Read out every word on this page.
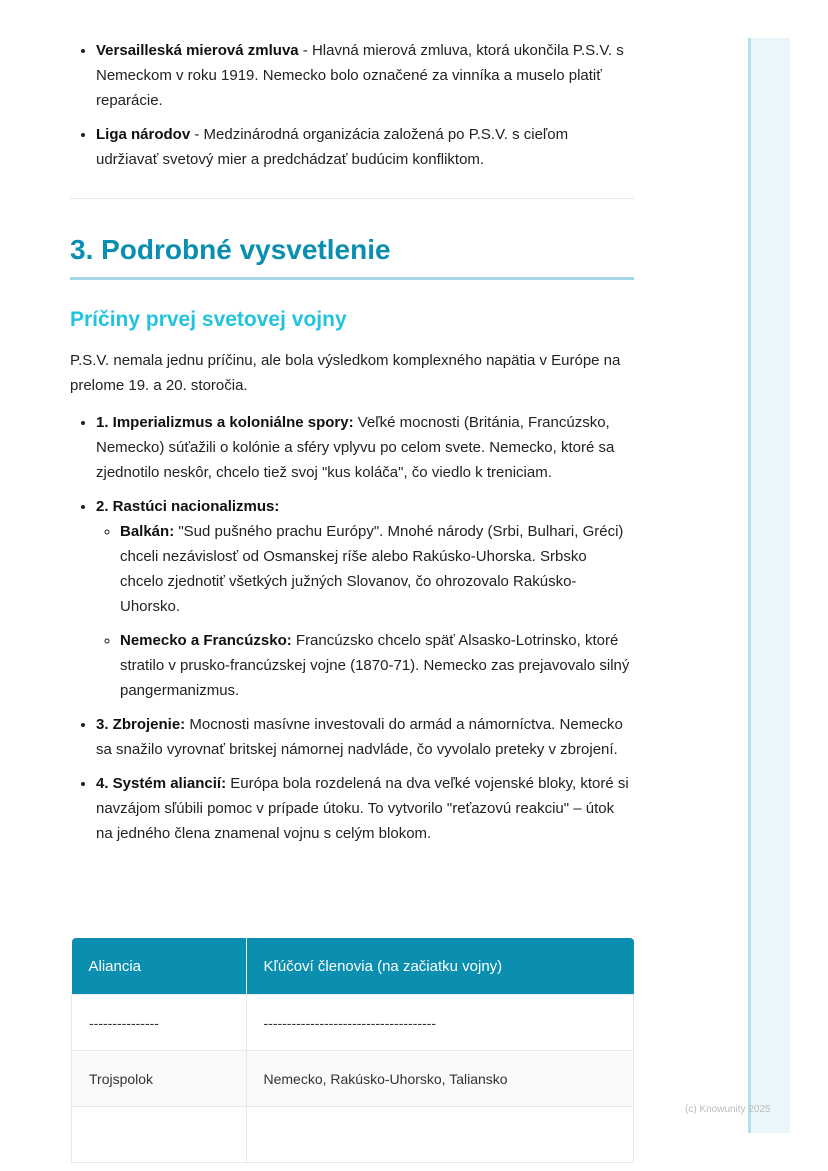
• Versailleská mierová zmluva - Hlavná mierová zmluva, ktorá ukončila P.S.V. s Nemeckom v roku 1919. Nemecko bolo označené za vinníka a muselo platiť reparácie.
• Liga národov - Medzinárodná organizácia založená po P.S.V. s cieľom udržiavať svetový mier a predchádzať budúcim konfliktom.
3. Podrobné vysvetlenie
Príčiny prvej svetovej vojny

P.S.V. nemala jednu príčinu, ale bola výsledkom komplexného napätia v Európe na prelome 19. a 20. storočia.

• 1. Imperializmus a koloniálne spory: Veľké mocnosti (Británia, Francúzsko, Nemecko) súťažili o kolónie a sféry vplyvu po celom svete. Nemecko, ktoré sa zjednotilo neskôr, chcelo tiež svoj "kus koláča", čo viedlo k treniciam.
• 2. Rastúci nacionalizmus:
◦ Balkán: "Sud pušného prachu Európy". Mnohé národy (Srbi, Bulhari, Gréci) chceli nezávislosť od Osmanskej ríše alebo Rakúsko-Uhorska. Srbsko chcelo zjednotiť všetkých južných Slovanov, čo ohrozovalo Rakúsko-Uhorsko.
◦ Nemecko a Francúzsko: Francúzsko chcelo späť Alsasko-Lotrinsko, ktoré stratilo v prusko-francúzskej vojne (1870-71). Nemecko zas prejavovalo silný pangermanizmus.
• 3. Zbrojenie: Mocnosti masívne investovali do armád a námorníctva. Nemecko sa snažilo vyrovnať britskej námornej nadvláde, čo vyvolalo preteky v zbrojení.
• 4. Systém aliancií: Európa bola rozdelená na dva veľké vojenské bloky, ktoré si navzájom sľúbili pomoc v prípade útoku. To vytvorilo "reťazovú reakciu" – útok na jedného člena znamenal vojnu s celým blokom.
Aliancia	Kľúčoví členovia (na začiatku vojny)
---------------	-------------------------------------
Trojspolok	Nemecko, Rakúsko-Uhorsko, Taliansko

(c) Knowunity 2025
